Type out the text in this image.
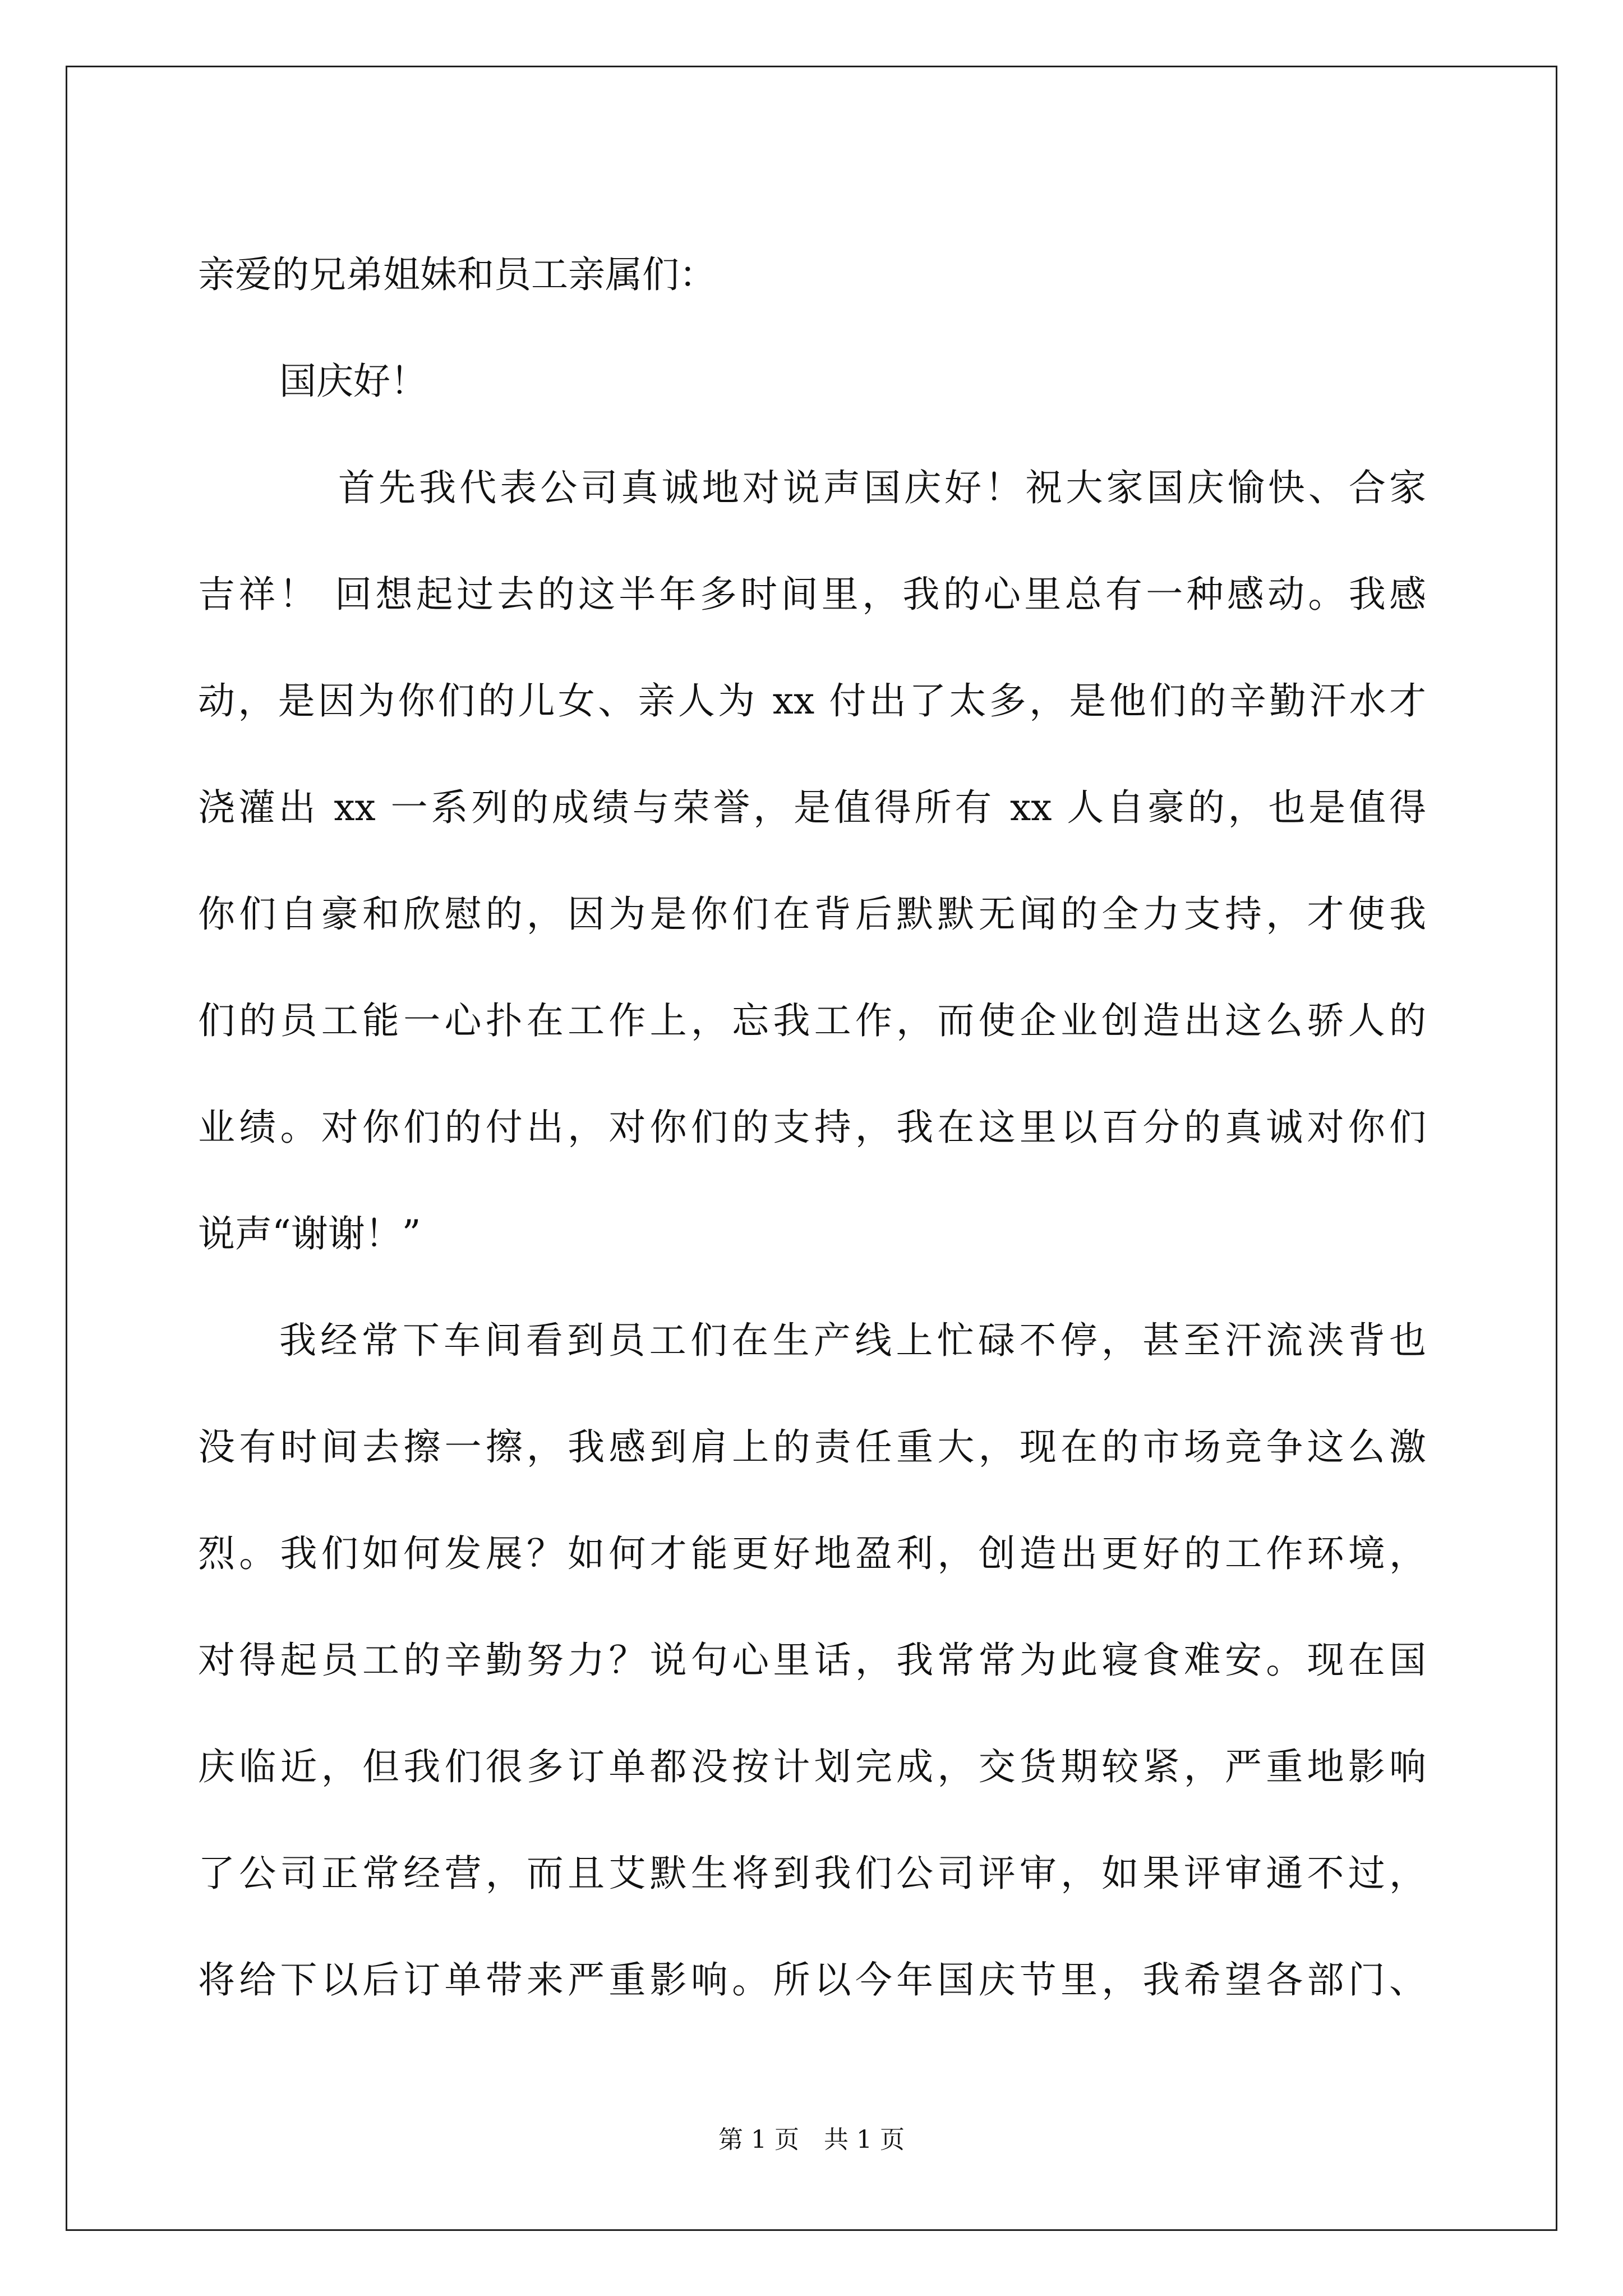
亲爱的兄弟姐妹和员工亲属们：
国庆好！
首先我代表公司真诚地对说声国庆好！祝大家国庆愉快、合家
吉祥！ 回想起过去的这半年多时间里，我的心里总有一种感动。我感
动，是因为你们的儿女、亲人为 xx 付出了太多，是他们的辛勤汗水才
浇灌出 xx 一系列的成绩与荣誉，是值得所有 xx 人自豪的，也是值得
你们自豪和欣慰的，因为是你们在背后默默无闻的全力支持，才使我
们的员工能一心扑在工作上，忘我工作，而使企业创造出这么骄人的
业绩。对你们的付出，对你们的支持，我在这里以百分的真诚对你们
说声“谢谢！”
我经常下车间看到员工们在生产线上忙碌不停，甚至汗流浃背也
没有时间去擦一擦，我感到肩上的责任重大，现在的市场竞争这么激
烈。我们如何发展？如何才能更好地盈利，创造出更好的工作环境，
对得起员工的辛勤努力？说句心里话，我常常为此寝食难安。现在国
庆临近，但我们很多订单都没按计划完成，交货期较紧，严重地影响
了公司正常经营，而且艾默生将到我们公司评审，如果评审通不过，
将给下以后订单带来严重影响。所以今年国庆节里，我希望各部门、
第 1 页　共 1 页
